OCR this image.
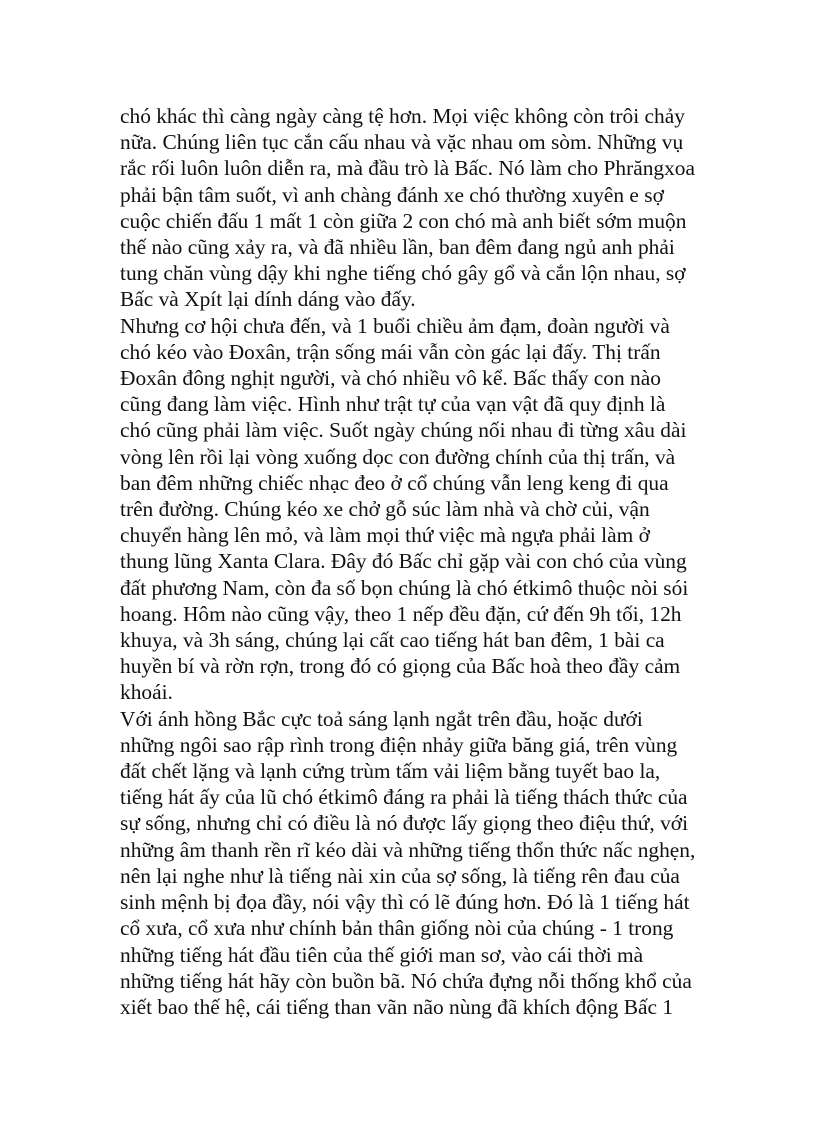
chó khác thì càng ngày càng tệ hơn. Mọi việc không còn trôi chảy
nữa. Chúng liên tục cắn cấu nhau và vặc nhau om sòm. Những vụ
rắc rối luôn luôn diễn ra, mà đầu trò là Bấc. Nó làm cho Phrăngxoa
phải bận tâm suốt, vì anh chàng đánh xe chó thường xuyên e sợ
cuộc chiến đấu 1 mất 1 còn giữa 2 con chó mà anh biết sớm muộn
thế nào cũng xảy ra, và đã nhiều lần, ban đêm đang ngủ anh phải
tung chăn vùng dậy khi nghe tiếng chó gây gổ và cắn lộn nhau, sợ
Bấc và Xpít lại dính dáng vào đấy.
Nhưng cơ hội chưa đến, và 1 buổi chiều ảm đạm, đoàn người và
chó kéo vào Đoxân, trận sống mái vẫn còn gác lại đấy. Thị trấn
Đoxân đông nghịt người, và chó nhiều vô kể. Bấc thấy con nào
cũng đang làm việc. Hình như trật tự của vạn vật đã quy định là
chó cũng phải làm việc. Suốt ngày chúng nối nhau đi từng xâu dài
vòng lên rồi lại vòng xuống dọc con đường chính của thị trấn, và
ban đêm những chiếc nhạc đeo ở cổ chúng vẫn leng keng đi qua
trên đường. Chúng kéo xe chở gỗ súc làm nhà và chờ củi, vận
chuyển hàng lên mỏ, và làm mọi thứ việc mà ngựa phải làm ở
thung lũng Xanta Clara. Đây đó Bấc chỉ gặp vài con chó của vùng
đất phương Nam, còn đa số bọn chúng là chó étkimô thuộc nòi sói
hoang. Hôm nào cũng vậy, theo 1 nếp đều đặn, cứ đến 9h tối, 12h
khuya, và 3h sáng, chúng lại cất cao tiếng hát ban đêm, 1 bài ca
huyền bí và rờn rợn, trong đó có giọng của Bấc hoà theo đầy cảm
khoái.
Với ánh hồng Bắc cực toả sáng lạnh ngắt trên đầu, hoặc dưới
những ngôi sao rập rình trong điện nhảy giữa băng giá, trên vùng
đất chết lặng và lạnh cứng trùm tấm vải liệm bằng tuyết bao la,
tiếng hát ấy của lũ chó étkimô đáng ra phải là tiếng thách thức của
sự sống, nhưng chỉ có điều là nó được lấy giọng theo điệu thứ, với
những âm thanh rền rĩ kéo dài và những tiếng thổn thức nấc nghẹn,
nên lại nghe như là tiếng nài xin của sợ sống, là tiếng rên đau của
sinh mệnh bị đọa đầy, nói vậy thì có lẽ đúng hơn. Đó là 1 tiếng hát
cổ xưa, cổ xưa như chính bản thân giống nòi của chúng - 1 trong
những tiếng hát đầu tiên của thế giới man sơ, vào cái thời mà
những tiếng hát hãy còn buồn bã. Nó chứa đựng nỗi thống khổ của
xiết bao thế hệ, cái tiếng than vãn não nùng đã khích động Bấc 1
